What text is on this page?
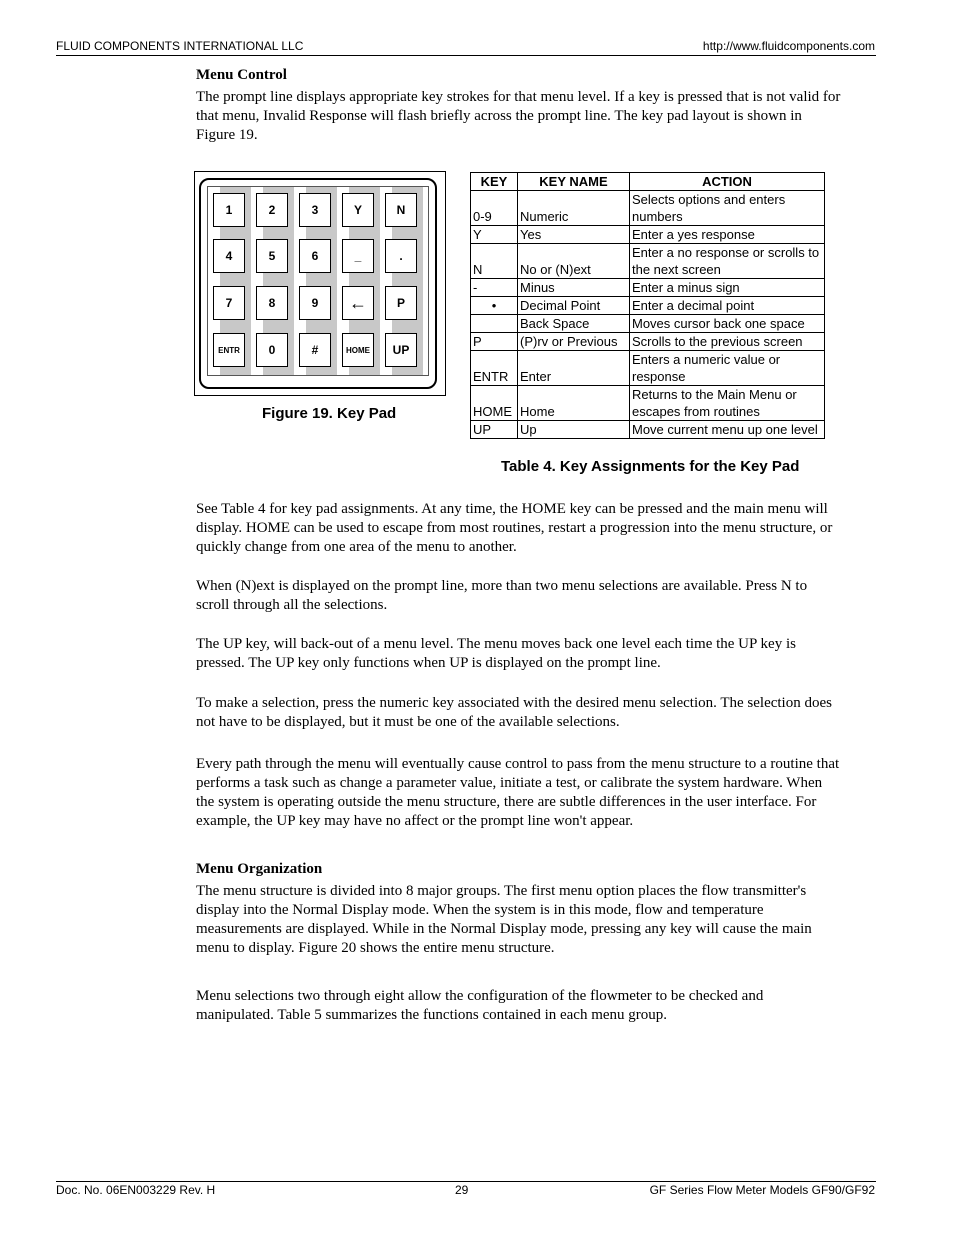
FLUID COMPONENTS INTERNATIONAL LLC	http://www.fluidcomponents.com
Menu Control
The prompt line displays appropriate key strokes for that menu level. If a key is pressed that is not valid for that menu, Invalid Response will flash briefly across the prompt line. The key pad layout is shown in Figure 19.
1	2	3	Y	N
4	5	6	_	.
7	8	9	←	P
ENTR	0	#	HOME	UP
Figure 19. Key Pad
KEY	KEY NAME	ACTION
0-9	Numeric	Selects options and enters numbers
Y	Yes	Enter a yes response
N	No or (N)ext	Enter a no response or scrolls to the next screen
-	Minus	Enter a minus sign
•	Decimal Point	Enter a decimal point
	Back Space	Moves cursor back one space
P	(P)rv or Previous	Scrolls to the previous screen
ENTR	Enter	Enters a numeric value or response
HOME	Home	Returns to the Main Menu or escapes from routines
UP	Up	Move current menu up one level
Table 4. Key Assignments for the Key Pad
See Table 4 for key pad assignments. At any time, the HOME key can be pressed and the main menu will display. HOME can be used to escape from most routines, restart a progression into the menu structure, or quickly change from one area of the menu to another.
When (N)ext is displayed on the prompt line, more than two menu selections are available. Press N to scroll through all the selections.
The UP key, will back-out of a menu level. The menu moves back one level each time the UP key is pressed. The UP key only functions when UP is displayed on the prompt line.
To make a selection, press the numeric key associated with the desired menu selection. The selection does not have to be displayed, but it must be one of the available selections.
Every path through the menu will eventually cause control to pass from the menu structure to a routine that performs a task such as change a parameter value, initiate a test, or calibrate the system hardware. When the system is operating outside the menu structure, there are subtle differences in the user interface. For example, the UP key may have no affect or the prompt line won't appear.
Menu Organization
The menu structure is divided into 8 major groups. The first menu option places the flow transmitter's display into the Normal Display mode. When the system is in this mode, flow and temperature measurements are displayed. While in the Normal Display mode, pressing any key will cause the main menu to display. Figure 20 shows the entire menu structure.
Menu selections two through eight allow the configuration of the flowmeter to be checked and manipulated. Table 5 summarizes the functions contained in each menu group.
Doc. No. 06EN003229 Rev. H	29	GF Series Flow Meter Models GF90/GF92
